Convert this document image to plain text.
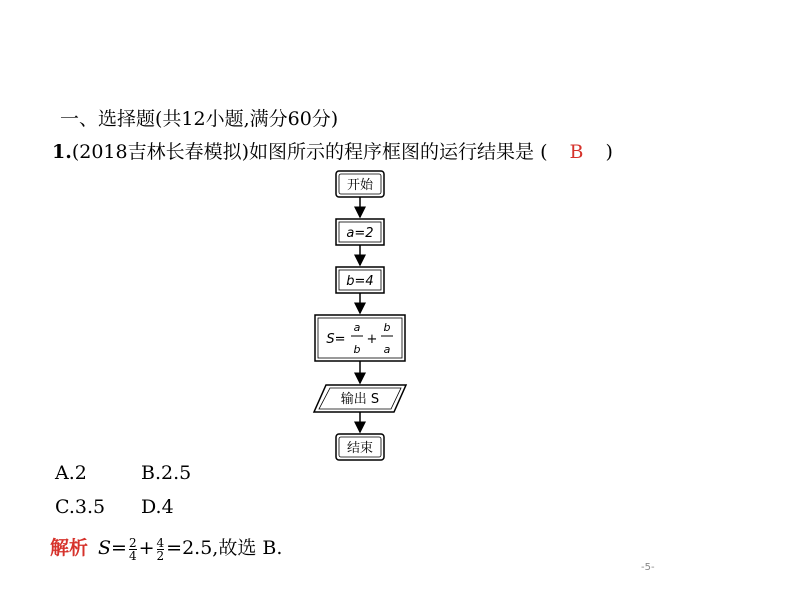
一、选择题(共12小题,满分60分)
1.(2018吉林长春模拟)如图所示的程序框图的运行结果是 ( B )
开始
a=2
b=4
S=
a
b
+
b
a
输出 S
结束
A.2	B.2.5
C.3.5 D.4
解析 $S= \frac{2}{4} + \frac{4}{2} =2.5$,故选 B.
-5-
